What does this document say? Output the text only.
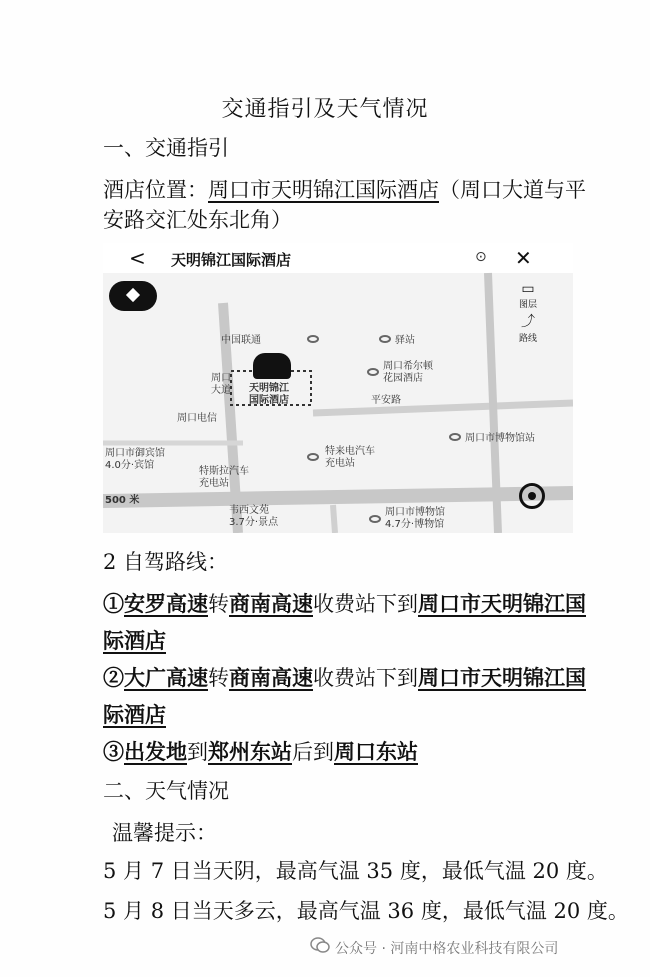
交通指引及天气情况
一、交通指引
酒店位置：周口市天明锦江国际酒店（周口大道与平
安路交汇处东北角）
< 天明锦江国际酒店	⊙ ✕
▭
图层
⤴
路线
中国联通	驿站
天明锦江
国际酒店
周口希尔顿
花园酒店
平安路
周口
大道
周口电信
周口市御宾馆
4.0分·宾馆
特斯拉汽车
充电站
特来电汽车
充电站
周口市博物馆站
500 米
韦西文苑
3.7分·景点
周口市博物馆
4.7分·博物馆
2 自驾路线：
①安罗高速转商南高速收费站下到周口市天明锦江国
际酒店
②大广高速转商南高速收费站下到周口市天明锦江国
际酒店
③出发地到郑州东站后到周口东站
二、天气情况
温馨提示：
5 月 7 日当天阴，最高气温 35 度，最低气温 20 度。
5 月 8 日当天多云，最高气温 36 度，最低气温 20 度。
公众号 · 河南中格农业科技有限公司
